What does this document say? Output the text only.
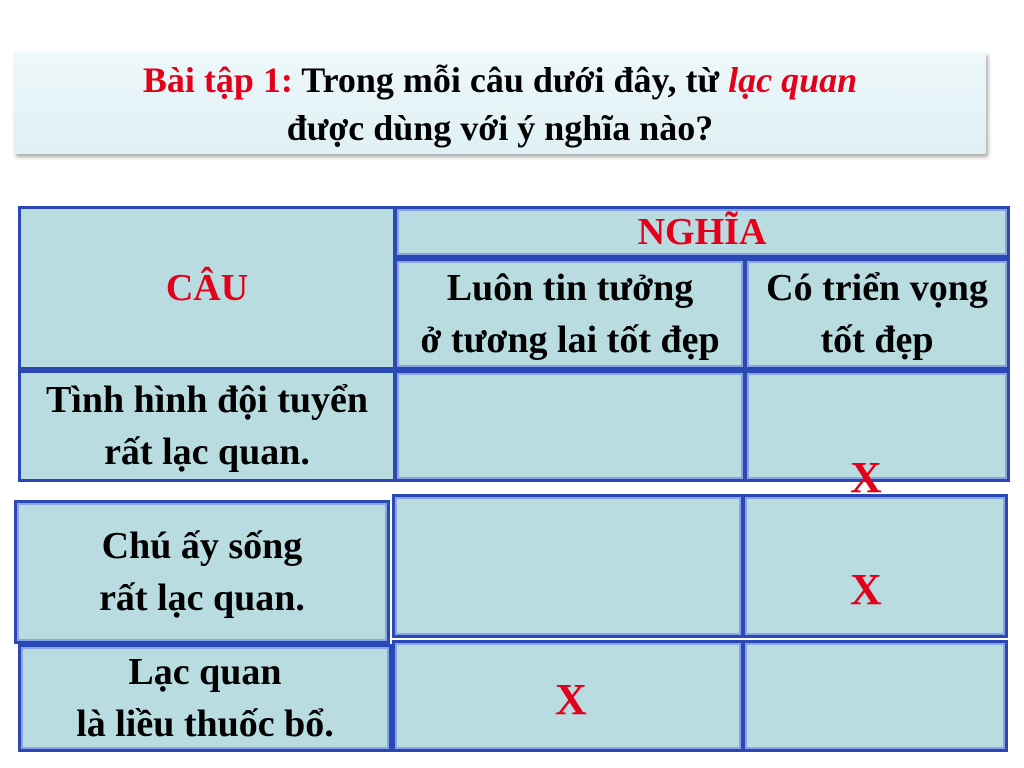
Bài tập 1: Trong mỗi câu dưới đây, từ lạc quan
được dùng với ý nghĩa nào?
CÂU
NGHĨA
Luôn tin tưởng
ở tương lai tốt đẹp
Có triển vọng
tốt đẹp
Tình hình đội tuyển
rất lạc quan.
Chú ấy sống
rất lạc quan.
Lạc quan
là liều thuốc bổ.
X
X
X
